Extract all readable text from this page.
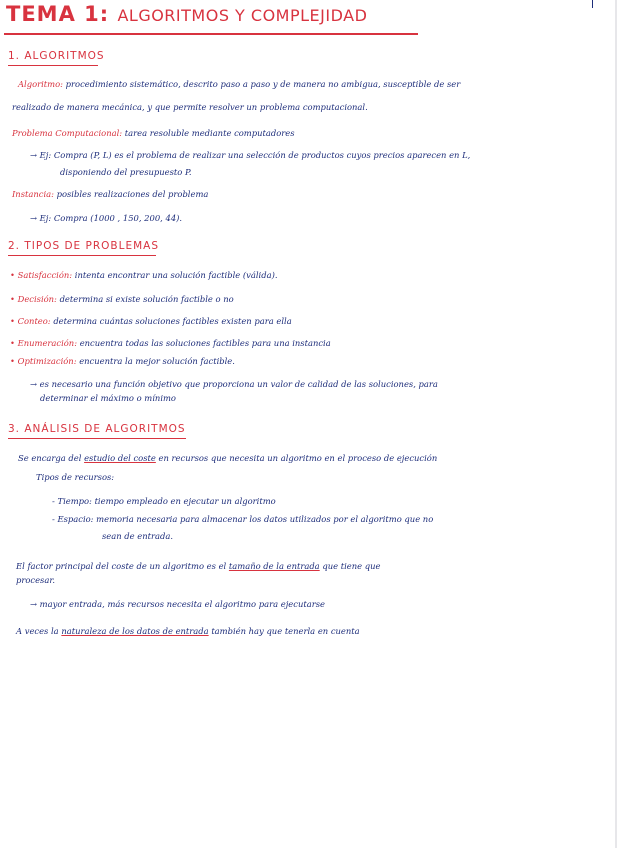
TEMA 1: ALGORITMOS Y COMPLEJIDAD
1. ALGORITMOS
Algoritmo: procedimiento sistemático, descrito paso a paso y de manera no ambigua, susceptible de ser
realizado de manera mecánica, y que permite resolver un problema computacional.
Problema Computacional: tarea resoluble mediante computadores
→ Ej: Compra (P, L) es el problema de realizar una selección de productos cuyos precios aparecen en L,
disponiendo del presupuesto P.
Instancia: posibles realizaciones del problema
→ Ej: Compra (1000 , 150, 200, 44).
2. TIPOS DE PROBLEMAS
• Satisfacción: intenta encontrar una solución factible (válida).
• Decisión: determina si existe solución factible o no
• Conteo: determina cuántas soluciones factibles existen para ella
• Enumeración: encuentra todas las soluciones factibles para una instancia
• Optimización: encuentra la mejor solución factible.
→ es necesario una función objetivo que proporciona un valor de calidad de las soluciones, para
determinar el máximo o mínimo
3. ANÁLISIS DE ALGORITMOS
Se encarga del estudio del coste en recursos que necesita un algoritmo en el proceso de ejecución
Tipos de recursos:
- Tiempo: tiempo empleado en ejecutar un algoritmo
- Espacio: memoria necesaria para almacenar los datos utilizados por el algoritmo que no
sean de entrada.
El factor principal del coste de un algoritmo es el tamaño de la entrada que tiene que
procesar.
→ mayor entrada, más recursos necesita el algoritmo para ejecutarse
A veces la naturaleza de los datos de entrada también hay que tenerla en cuenta
